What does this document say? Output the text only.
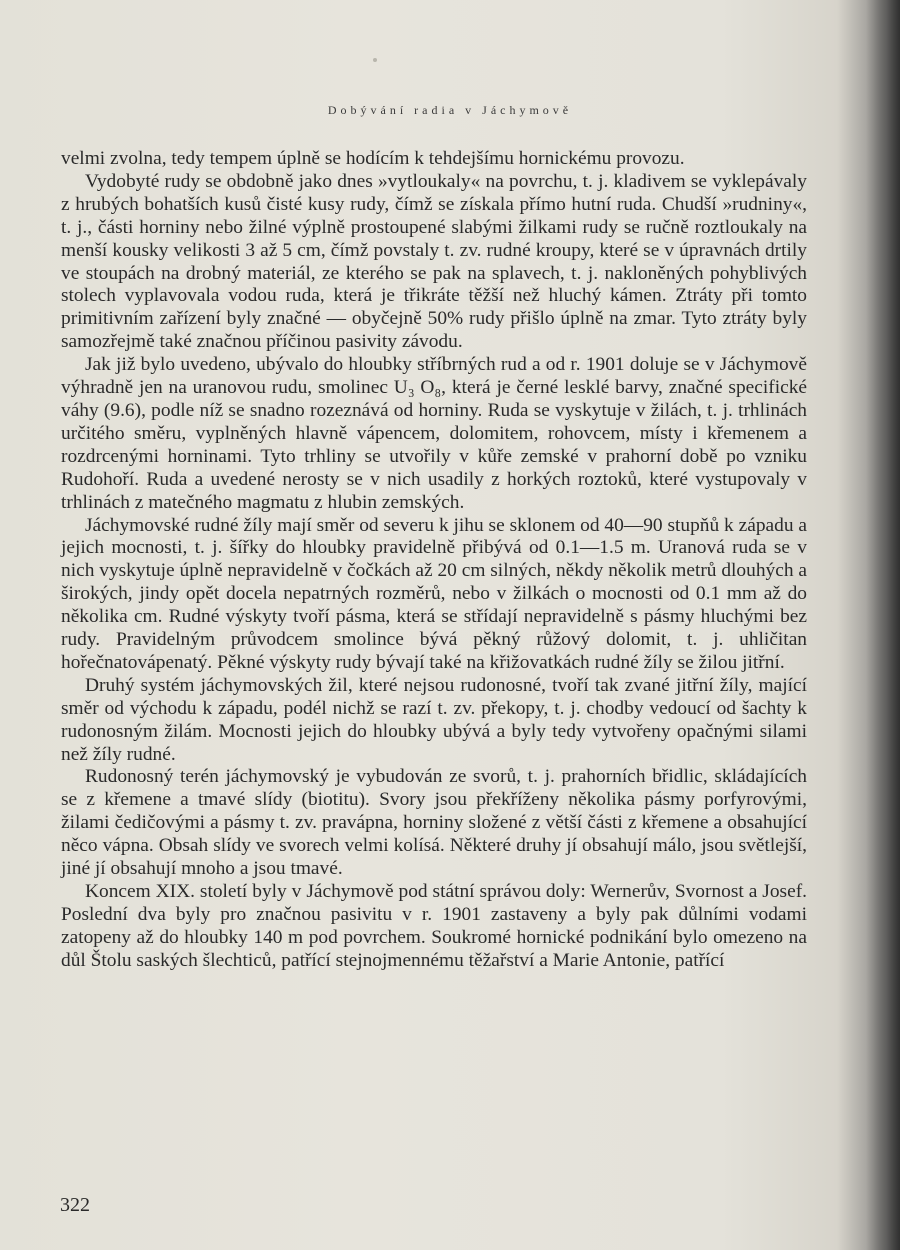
Dobývání radia v Jáchymově

velmi zvolna, tedy tempem úplně se hodícím k tehdejšímu hornickému provozu.

Vydobyté rudy se obdobně jako dnes »vytloukaly« na povrchu, t. j. kladivem se vyklepávaly z hrubých bohatších kusů čisté kusy rudy, čímž se získala přímo hutní ruda. Chudší »rudniny«, t. j., části horniny nebo žilné výplně prostoupené slabými žilkami rudy se ručně roztloukaly na menší kousky velikosti 3 až 5 cm, čímž povstaly t. zv. rudné kroupy, které se v úpravnách drtily ve stoupách na drobný materiál, ze kterého se pak na splavech, t. j. nakloněných pohyblivých stolech vyplavovala vodou ruda, která je třikráte těžší než hluchý kámen. Ztráty při tomto primitivním zařízení byly značné — obyčejně 50% rudy přišlo úplně na zmar. Tyto ztráty byly samozřejmě také značnou příčinou pasivity závodu.

Jak již bylo uvedeno, ubývalo do hloubky stříbrných rud a od r. 1901 doluje se v Jáchymově výhradně jen na uranovou rudu, smolinec U₃ O₈, která je černé lesklé barvy, značné specifické váhy (9.6), podle níž se snadno rozeznává od horniny. Ruda se vyskytuje v žilách, t. j. trhlinách určitého směru, vyplněných hlavně vápencem, dolomitem, rohovcem, místy i křemenem a rozdrcenými horninami. Tyto trhliny se utvořily v kůře zemské v prahorní době po vzniku Rudohoří. Ruda a uvedené nerosty se v nich usadily z horkých roztoků, které vystupovaly v trhlinách z matečného magmatu z hlubin zemských.

Jáchymovské rudné žíly mají směr od severu k jihu se sklonem od 40—90 stupňů k západu a jejich mocnosti, t. j. šířky do hloubky pravidelně přibývá od 0.1—1.5 m. Uranová ruda se v nich vyskytuje úplně nepravidelně v čočkách až 20 cm silných, někdy několik metrů dlouhých a širokých, jindy opět docela nepatrných rozměrů, nebo v žilkách o mocnosti od 0.1 mm až do několika cm. Rudné výskyty tvoří pásma, která se střídají nepravidelně s pásmy hluchými bez rudy. Pravidelným průvodcem smolince bývá pěkný růžový dolomit, t. j. uhličitan hořečnatovápenatý. Pěkné výskyty rudy bývají také na křižovatkách rudné žíly se žilou jitřní.

Druhý systém jáchymovských žil, které nejsou rudonosné, tvoří tak zvané jitřní žíly, mající směr od východu k západu, podél nichž se razí t. zv. překopy, t. j. chodby vedoucí od šachty k rudonosným žilám. Mocnosti jejich do hloubky ubývá a byly tedy vytvořeny opačnými silami než žíly rudné.

Rudonosný terén jáchymovský je vybudován ze svorů, t. j. prahorních břidlic, skládajících se z křemene a tmavé slídy (biotitu). Svory jsou překříženy několika pásmy porfyrovými, žilami čedičovými a pásmy t. zv. pravápna, horniny složené z větší části z křemene a obsahující něco vápna. Obsah slídy ve svorech velmi kolísá. Některé druhy jí obsahují málo, jsou světlejší, jiné jí obsahují mnoho a jsou tmavé.

Koncem XIX. století byly v Jáchymově pod státní správou doly: Wernerův, Svornost a Josef. Poslední dva byly pro značnou pasivitu v r. 1901 zastaveny a byly pak důlními vodami zatopeny až do hloubky 140 m pod povrchem. Soukromé hornické podnikání bylo omezeno na důl Štolu saských šlechticů, patřící stejnojmennému těžařství a Marie Antonie, patřící

322
